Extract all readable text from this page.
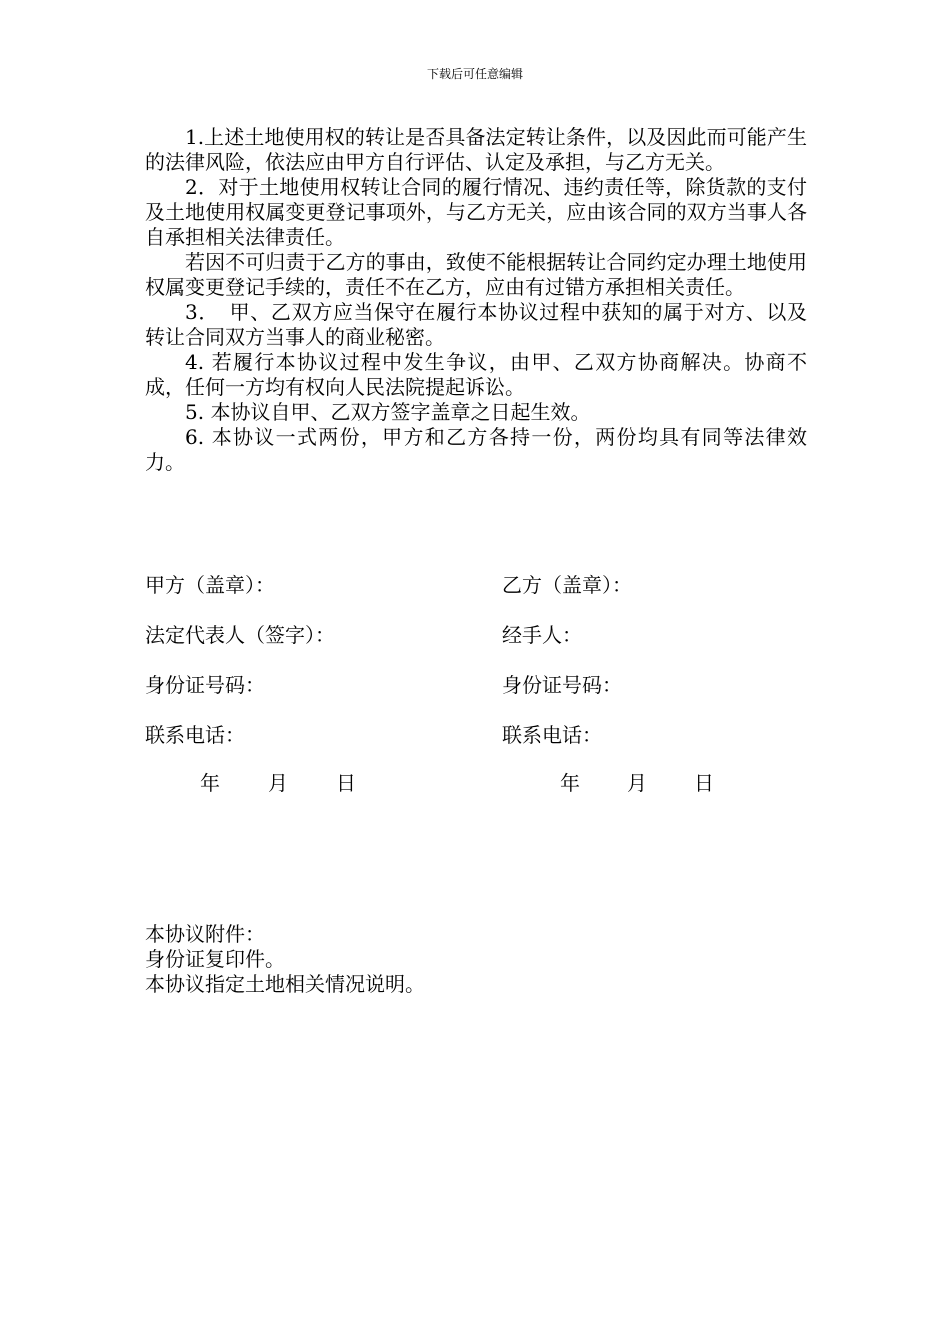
下载后可任意编辑

1.上述土地使用权的转让是否具备法定转让条件，以及因此而可能产生的法律风险，依法应由甲方自行评估、认定及承担，与乙方无关。

2．对于土地使用权转让合同的履行情况、违约责任等，除货款的支付及土地使用权属变更登记事项外，与乙方无关，应由该合同的双方当事人各自承担相关法律责任。

若因不可归责于乙方的事由，致使不能根据转让合同约定办理土地使用权属变更登记手续的，责任不在乙方，应由有过错方承担相关责任。

3．　甲、乙双方应当保守在履行本协议过程中获知的属于对方、以及转让合同双方当事人的商业秘密。

4. 若履行本协议过程中发生争议，由甲、乙双方协商解决。协商不成，任何一方均有权向人民法院提起诉讼。

5. 本协议自甲、乙双方签字盖章之日起生效。

6. 本协议一式两份，甲方和乙方各持一份，两份均具有同等法律效力。

甲方（盖章）：	乙方（盖章）：
法定代表人（签字）：	经手人：
身份证号码：	身份证号码：
联系电话：	联系电话：
年 月 日	年 月 日

本协议附件：

身份证复印件。

本协议指定土地相关情况说明。
